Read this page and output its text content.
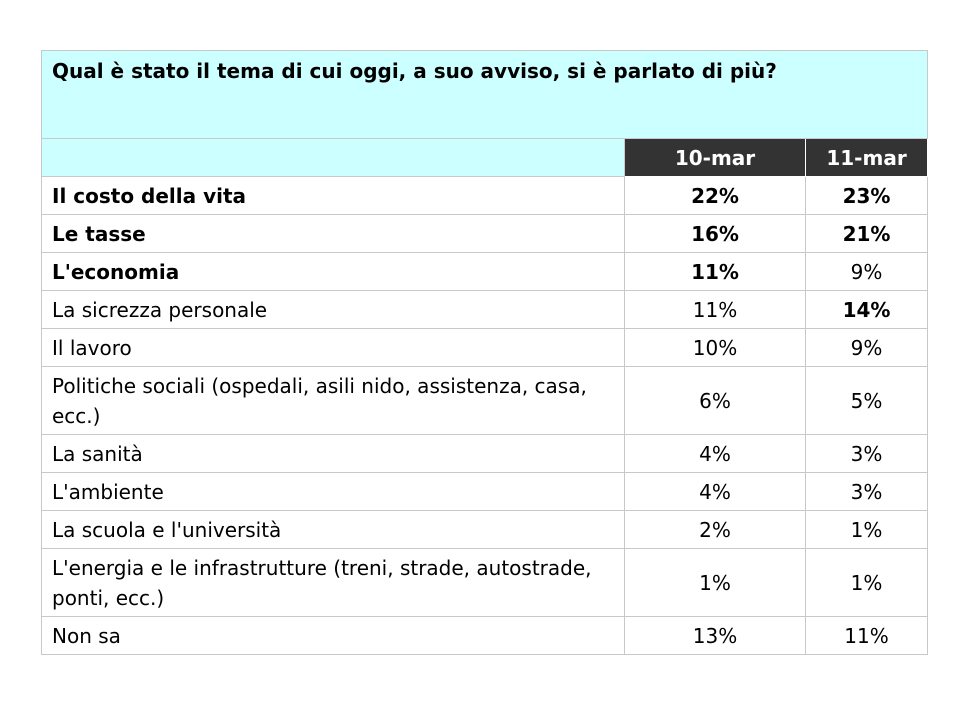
Qual è stato il tema di cui oggi, a suo avviso, si è parlato di più?		
	10-mar	11-mar
Il costo della vita	22%	23%
Le tasse	16%	21%
L'economia	11%	9%
La sicrezza personale	11%	14%
Il lavoro	10%	9%
Politiche sociali (ospedali, asili nido, assistenza, casa, ecc.)	6%	5%
La sanità	4%	3%
L'ambiente	4%	3%
La scuola e l'università	2%	1%
L'energia e le infrastrutture (treni, strade, autostrade, ponti, ecc.)	1%	1%
Non sa	13%	11%
